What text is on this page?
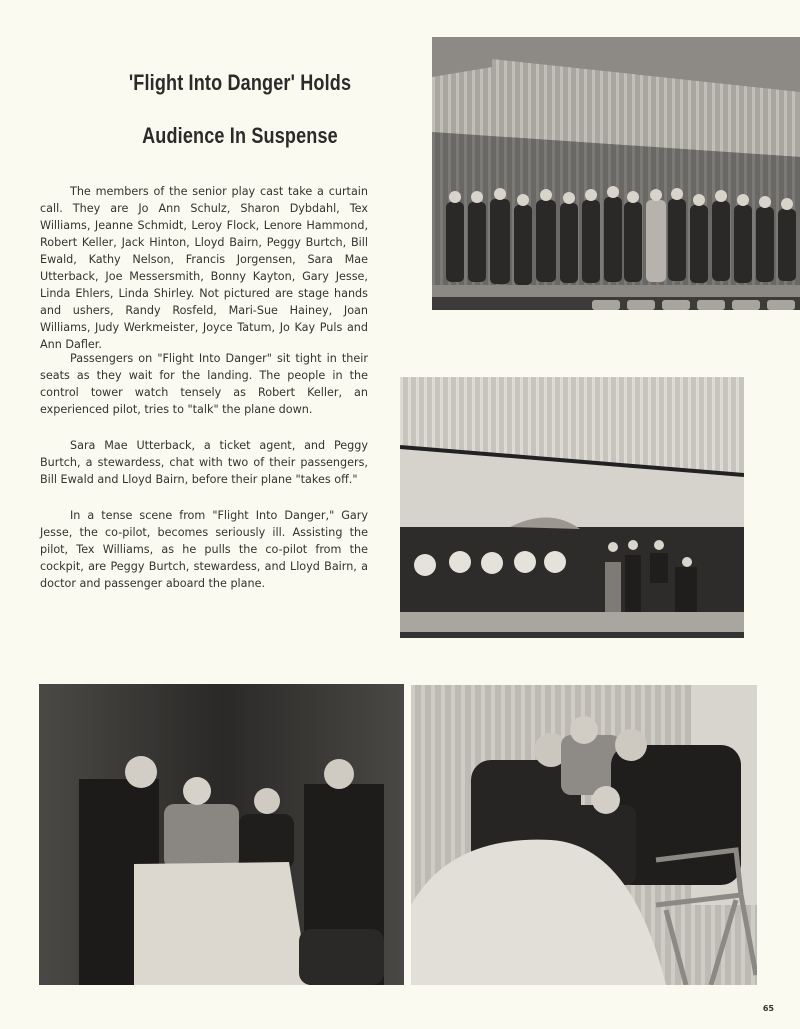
'Flight Into Danger' Holds
Audience In Suspense

The members of the senior play cast take a curtain call. They are Jo Ann Schulz, Sharon Dybdahl, Tex Williams, Jeanne Schmidt, Leroy Flock, Lenore Hammond, Robert Keller, Jack Hinton, Lloyd Bairn, Peggy Burtch, Bill Ewald, Kathy Nelson, Francis Jorgensen, Sara Mae Utterback, Joe Messersmith, Bonny Kayton, Gary Jesse, Linda Ehlers, Linda Shirley. Not pictured are stage hands and ushers, Randy Rosfeld, Mari-Sue Hainey, Joan Williams, Judy Werkmeister, Joyce Tatum, Jo Kay Puls and Ann Dafler.

Passengers on "Flight Into Danger" sit tight in their seats as they wait for the landing. The people in the control tower watch tensely as Robert Keller, an experienced pilot, tries to "talk" the plane down.

Sara Mae Utterback, a ticket agent, and Peggy Burtch, a stewardess, chat with two of their passengers, Bill Ewald and Lloyd Bairn, before their plane "takes off."

In a tense scene from "Flight Into Danger," Gary Jesse, the co-pilot, becomes seriously ill. Assisting the pilot, Tex Williams, as he pulls the co-pilot from the cockpit, are Peggy Burtch, stewardess, and Lloyd Bairn, a doctor and passenger aboard the plane.

65
